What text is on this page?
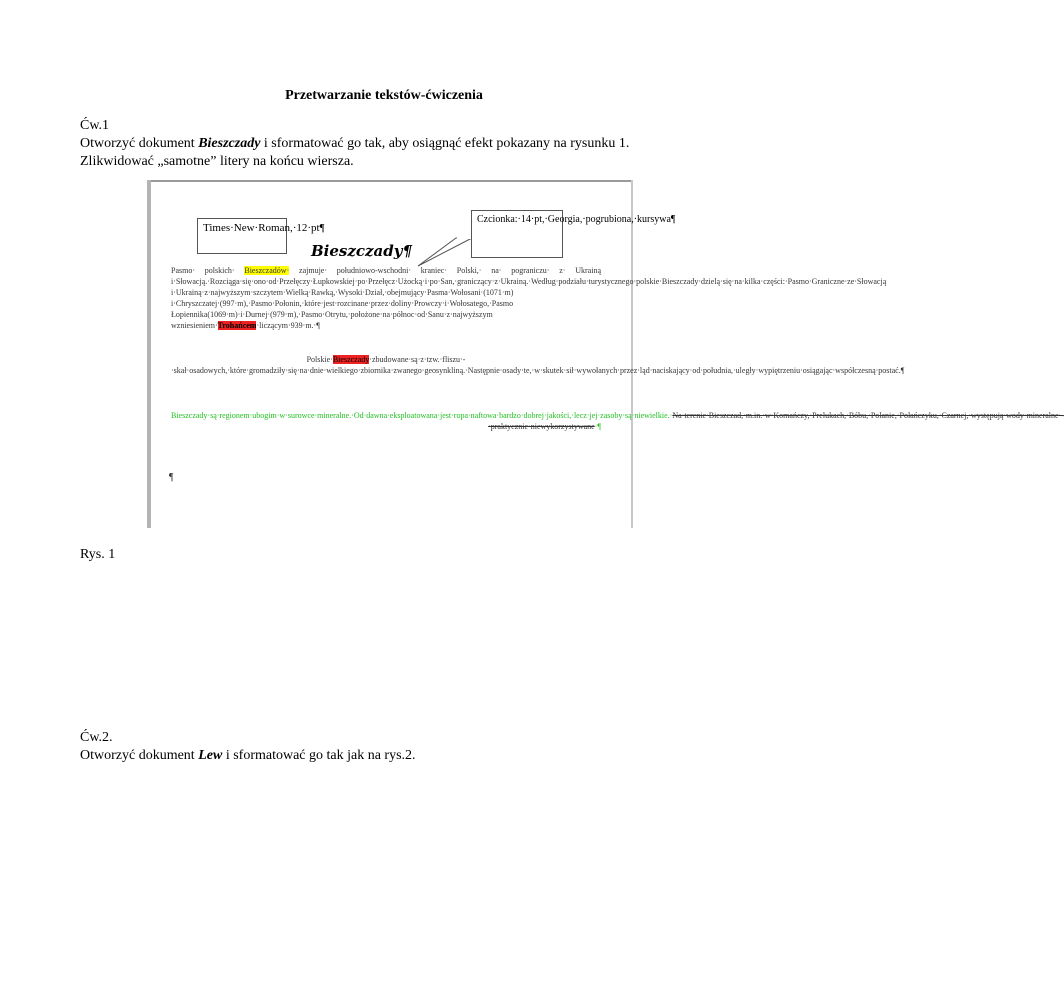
Przetwarzanie tekstów-ćwiczenia
Ćw.1
Otworzyć dokument Bieszczady i sformatować go tak, aby osiągnąć efekt pokazany na rysunku 1. Zlikwidować „samotne” litery na końcu wiersza.
Times·New·Roman,·12·pt¶
Czcionka:·14·pt,·Georgia,·pogrubiona,·kursywa¶
Bieszczady¶
Pasmo· polskich· Bieszczadów· zajmuje· południowo-wschodni· kraniec· Polski,· na· pograniczu· z· Ukrainą i·Słowacją.·Rozciąga·się·ono·od·Przełęczy·Łupkowskiej·po·Przełęcz·Użocką·i·po·San,·graniczący·z·Ukrainą.·Według·podziału·turystycznego·polskie·Bieszczady·dzielą·się·na·kilka·części:·Pasmo·Graniczne·ze·Słowacją i·Ukrainą·z·najwyższym·szczytem·Wielką·Rawką,·Wysoki·Dział,·obejmujący·Pasma·Wołosani·(1071·m) i·Chryszczatej·(997·m),·Pasmo·Połonin,·które·jest·rozcinane·przez·doliny·Prowczy·i·Wołosatego,·Pasmo Łopiennika(1069·m)·i·Durnej·(979·m),·Pasmo·Otrytu,·położone·na·północ·od·Sanu·z·najwyższym wzniesieniem·Trohańcem·liczącym·939·m.·¶
Polskie·Bieszczady·zbudowane·są·z·tzw.·fliszu·-·skał·osadowych,·które·gromadziły·się·na·dnie·wielkiego·zbiornika·zwanego·geosynkliną.·Następnie·osady·te,·w·skutek·sił·wywołanych·przez·ląd·naciskający·od·południa,·uległy·wypiętrzeniu·osiągając·współczesną·postać.¶
Bieszczady·są·regionem·ubogim·w·surowce·mineralne.·Od·dawna·eksploatowana·jest·ropa·naftowa·bardzo·dobrej·jakości,·lecz·jej·zasoby·są·niewielkie.·Na·terenie·Bieszczad,·m.in.·w·Komańczy,·Prełukach,·Bóbu,·Polanie,·Połańczyku,·Czarnej,·występują·wody·mineralne·-·praktycznie·niewykorzystywane·¶
¶
Rys. 1
Ćw.2.
Otworzyć dokument Lew i sformatować go tak jak na rys.2.
